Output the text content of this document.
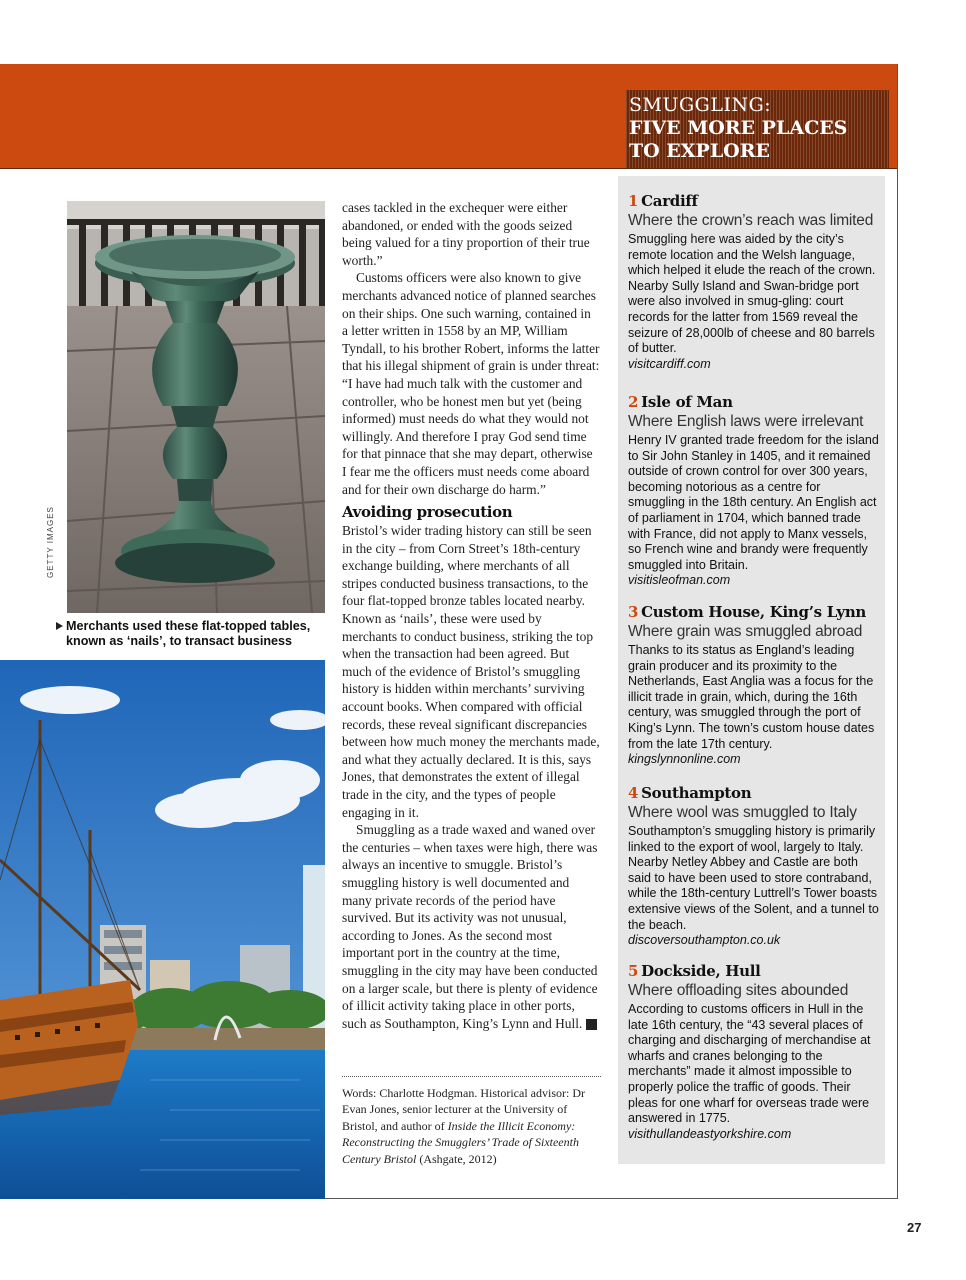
SMUGGLING:
FIVE MORE PLACES
TO EXPLORE
1 Cardiff

Where the crown’s reach was limited

Smuggling here was aided by the city’s remote location and the Welsh language, which helped it elude the reach of the crown. Nearby Sully Island and Swan-bridge port were also involved in smug-gling: court records for the latter from 1569 reveal the seizure of 28,000lb of cheese and 80 barrels of butter.

visitcardiff.com

2 Isle of Man

Where English laws were irrelevant

Henry IV granted trade freedom for the island to Sir John Stanley in 1405, and it remained outside of crown control for over 300 years, becoming notorious as a centre for smuggling in the 18th century. An English act of parliament in 1704, which banned trade with France, did not apply to Manx vessels, so French wine and brandy were frequently smuggled into Britain.

visitisleofman.com

3 Custom House, King’s Lynn

Where grain was smuggled abroad

Thanks to its status as England’s leading grain producer and its proximity to the Netherlands, East Anglia was a focus for the illicit trade in grain, which, during the 16th century, was smuggled through the port of King’s Lynn. The town’s custom house dates from the late 17th century.

kingslynnonline.com

4 Southampton

Where wool was smuggled to Italy

Southampton’s smuggling history is primarily linked to the export of wool, largely to Italy. Nearby Netley Abbey and Castle are both said to have been used to store contraband, while the 18th-century Luttrell’s Tower boasts extensive views of the Solent, and a tunnel to the beach.

discoversouthampton.co.uk

5 Dockside, Hull

Where offloading sites abounded

According to customs officers in Hull in the late 16th century, the “43 several places of charging and discharging of merchandise at wharfs and cranes belonging to the merchants” made it almost impossible to properly police the traffic of goods. Their pleas for one wharf for overseas trade were answered in 1775.

visithullandeastyorkshire.com

GETTY IMAGES
Merchants used these flat-topped tables, known as ‘nails’, to transact business

cases tackled in the exchequer were either abandoned, or ended with the goods seized being valued for a tiny proportion of their true worth.”

Customs officers were also known to give merchants advanced notice of planned searches on their ships. One such warning, contained in a letter written in 1558 by an MP, William Tyndall, to his brother Robert, informs the latter that his illegal shipment of grain is under threat: “I have had much talk with the customer and controller, who be honest men but yet (being informed) must needs do what they would not willingly. And therefore I pray God send time for that pinnace that she may depart, otherwise I fear me the officers must needs come aboard and for their own discharge do harm.”

Avoiding prosecution

Bristol’s wider trading history can still be seen in the city – from Corn Street’s 18th-century exchange building, where merchants of all stripes conducted business transactions, to the four flat-topped bronze tables located nearby. Known as ‘nails’, these were used by merchants to conduct business, striking the top when the transaction had been agreed. But much of the evidence of Bristol’s smuggling history is hidden within merchants’ surviving account books. When compared with official records, these reveal significant discrepancies between how much money the merchants made, and what they actually declared. It is this, says Jones, that demonstrates the extent of illegal trade in the city, and the types of people engaging in it.

Smuggling as a trade waxed and waned over the centuries – when taxes were high, there was always an incentive to smuggle. Bristol’s smuggling history is well documented and many private records of the period have survived. But its activity was not unusual, according to Jones. As the second most important port in the country at the time, smuggling in the city may have been conducted on a larger scale, but there is plenty of evidence of illicit activity taking place in other ports, such as Southampton, King’s Lynn and Hull. H

Words: Charlotte Hodgman. Historical advisor: Dr Evan Jones, senior lecturer at the University of Bristol, and author of Inside the Illicit Economy: Reconstructing the Smugglers’ Trade of Sixteenth Century Bristol (Ashgate, 2012)
27
